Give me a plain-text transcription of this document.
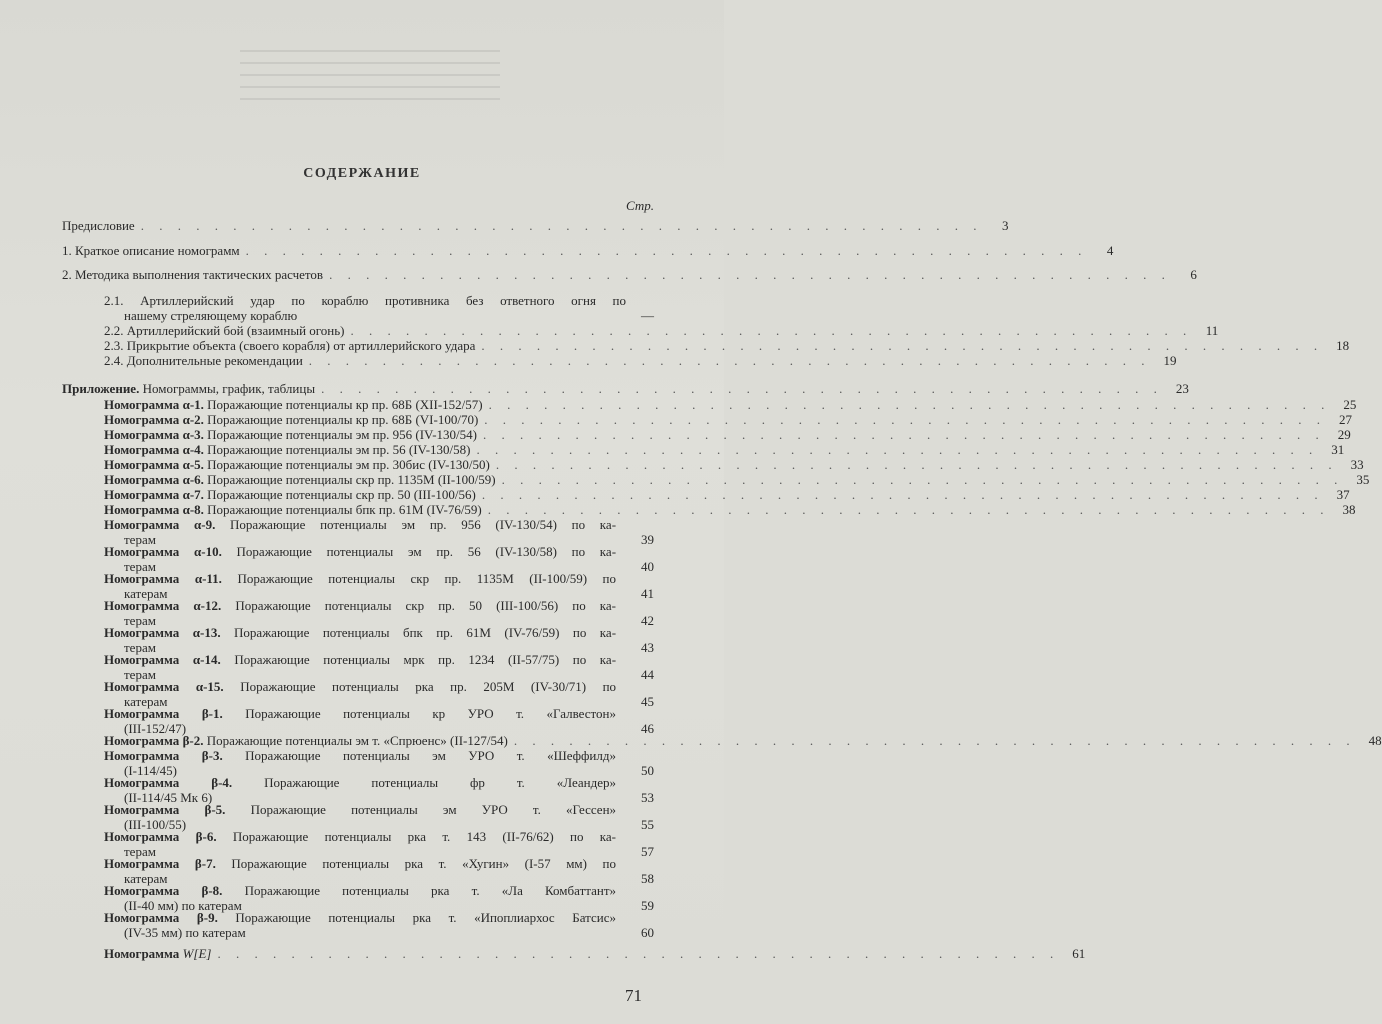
СОДЕРЖАНИЕ
Стр.
Предисловие . . . . . . . . . . . . . . . . . . . . . . . . . . . . . . . . . . . . . . . . . . . . . .	3
1. Краткое описание номограмм . . . . . . . . . . . . . . . . . . . . . . . . . . . . . . . . . . . . . . . . . . . . . .	4
2. Методика выполнения тактических расчетов . . . . . . . . . . . . . . . . . . . . . . . . . . . . . . . . . . . . . . . . . . . . . .	6
2.1. Артиллерийский удар по кораблю противника без ответного огня по
нашему стреляющему кораблю	—
2.2. Артиллерийский бой (взаимный огонь) . . . . . . . . . . . . . . . . . . . . . . . . . . . . . . . . . . . . . . . . . . . . . .	11
2.3. Прикрытие объекта (своего корабля) от артиллерийского удара . . . . . . . . . . . . . . . . . . . . . . . . . . . . . . . . . . . . . . . . . . . . . .	18
2.4. Дополнительные рекомендации . . . . . . . . . . . . . . . . . . . . . . . . . . . . . . . . . . . . . . . . . . . . . .	19
Приложение. Номограммы, график, таблицы . . . . . . . . . . . . . . . . . . . . . . . . . . . . . . . . . . . . . . . . . . . . . .	23
Номограмма α-1. Поражающие потенциалы кр пр. 68Б (XII-152/57) . . . . . . . . . . . . . . . . . . . . . . . . . . . . . . . . . . . . . . . . . . . . . .	25
Номограмма α-2. Поражающие потенциалы кр пр. 68Б (VI-100/70) . . . . . . . . . . . . . . . . . . . . . . . . . . . . . . . . . . . . . . . . . . . . . .	27
Номограмма α-3. Поражающие потенциалы эм пр. 956 (IV-130/54) . . . . . . . . . . . . . . . . . . . . . . . . . . . . . . . . . . . . . . . . . . . . . .	29
Номограмма α-4. Поражающие потенциалы эм пр. 56 (IV-130/58) . . . . . . . . . . . . . . . . . . . . . . . . . . . . . . . . . . . . . . . . . . . . . .	31
Номограмма α-5. Поражающие потенциалы эм пр. 30бис (IV-130/50) . . . . . . . . . . . . . . . . . . . . . . . . . . . . . . . . . . . . . . . . . . . . . .	33
Номограмма α-6. Поражающие потенциалы скр пр. 1135М (II-100/59) . . . . . . . . . . . . . . . . . . . . . . . . . . . . . . . . . . . . . . . . . . . . . .	35
Номограмма α-7. Поражающие потенциалы скр пр. 50 (III-100/56) . . . . . . . . . . . . . . . . . . . . . . . . . . . . . . . . . . . . . . . . . . . . . .	37
Номограмма α-8. Поражающие потенциалы бпк пр. 61М (IV-76/59) . . . . . . . . . . . . . . . . . . . . . . . . . . . . . . . . . . . . . . . . . . . . . .	38
Номограмма α-9. Поражающие потенциалы эм пр. 956 (IV-130/54) по ка-
терам	39
Номограмма α-10. Поражающие потенциалы эм пр. 56 (IV-130/58) по ка-
терам	40
Номограмма α-11. Поражающие потенциалы скр пр. 1135М (II-100/59) по
катерам	41
Номограмма α-12. Поражающие потенциалы скр пр. 50 (III-100/56) по ка-
терам	42
Номограмма α-13. Поражающие потенциалы бпк пр. 61М (IV-76/59) по ка-
терам	43
Номограмма α-14. Поражающие потенциалы мрк пр. 1234 (II-57/75) по ка-
терам	44
Номограмма α-15. Поражающие потенциалы рка пр. 205М (IV-30/71) по
катерам	45
Номограмма β-1. Поражающие потенциалы кр УРО т. «Галвестон»
(III-152/47)	46
Номограмма β-2. Поражающие потенциалы эм т. «Спрюенс» (II-127/54) . . . . . . . . . . . . . . . . . . . . . . . . . . . . . . . . . . . . . . . . . . . . . .	48
Номограмма β-3. Поражающие потенциалы эм УРО т. «Шеффилд»
(I-114/45)	50
Номограмма β-4. Поражающие потенциалы фр т. «Леандер»
(II-114/45 Мк 6)	53
Номограмма β-5. Поражающие потенциалы эм УРО т. «Гессен»
(III-100/55)	55
Номограмма β-6. Поражающие потенциалы рка т. 143 (II-76/62) по ка-
терам	57
Номограмма β-7. Поражающие потенциалы рка т. «Хугин» (I-57 мм) по
катерам	58
Номограмма β-8. Поражающие потенциалы рка т. «Ла Комбаттант»
(II-40 мм) по катерам	59
Номограмма β-9. Поражающие потенциалы рка т. «Ипоплиархос Батсис»
(IV-35 мм) по катерам	60
Номограмма W[E] . . . . . . . . . . . . . . . . . . . . . . . . . . . . . . . . . . . . . . . . . . . . . .	61
71
